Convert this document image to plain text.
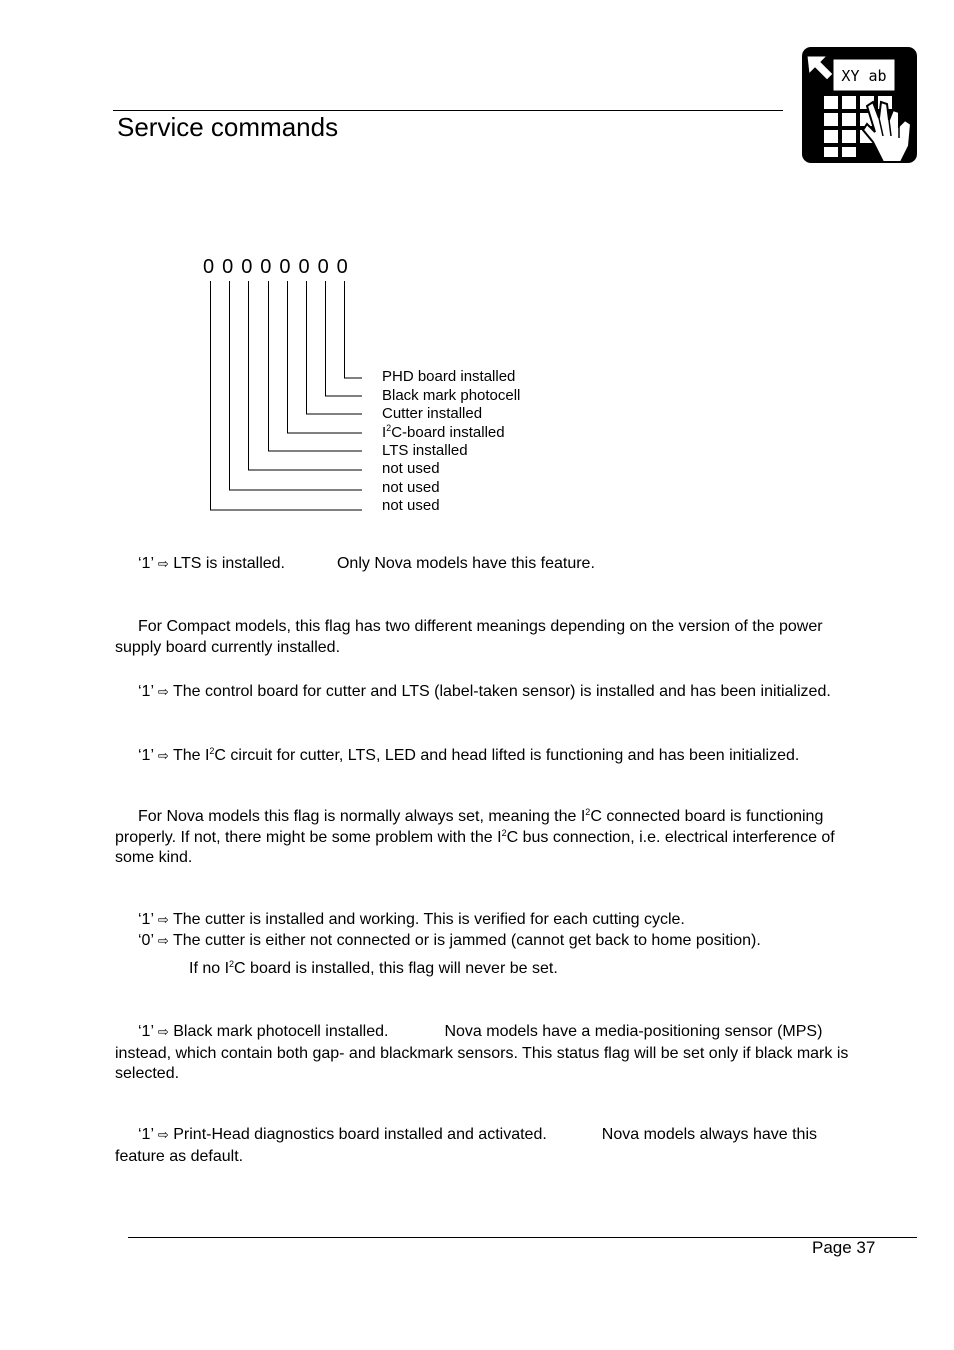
Service commands
XY ab
0 0 0 0 0 0 0 0
PHD board installed
Black mark photocell
Cutter installed
$I^2C$-board installed
LTS installed
not used
not used
not used
‘1’ ⇨ LTS is installed.	Only Nova models have this feature.
For Compact models, this flag has two different meanings depending on the version of the power supply board currently installed.
‘1’ ⇨ The control board for cutter and LTS (label-taken sensor) is installed and has been initialized.
‘1’ ⇨ The $I^2C$ circuit for cutter, LTS, LED and head lifted is functioning and has been initialized.
For Nova models this flag is normally always set, meaning the $I^2C$ connected board is functioning properly. If not, there might be some problem with the $I^2C$ bus connection, i.e. electrical interference of some kind.
‘1’ ⇨ The cutter is installed and working. This is verified for each cutting cycle.
‘0’ ⇨ The cutter is either not connected or is jammed (cannot get back to home position).
If no $I^2C$ board is installed, this flag will never be set.
‘1’ ⇨ Black mark photocell installed.	Nova models have a media-positioning sensor (MPS) instead, which contain both gap- and blackmark sensors. This status flag will be set only if black mark is selected.
‘1’ ⇨ Print-Head diagnostics board installed and activated.	Nova models always have this feature as default.
Page 37
